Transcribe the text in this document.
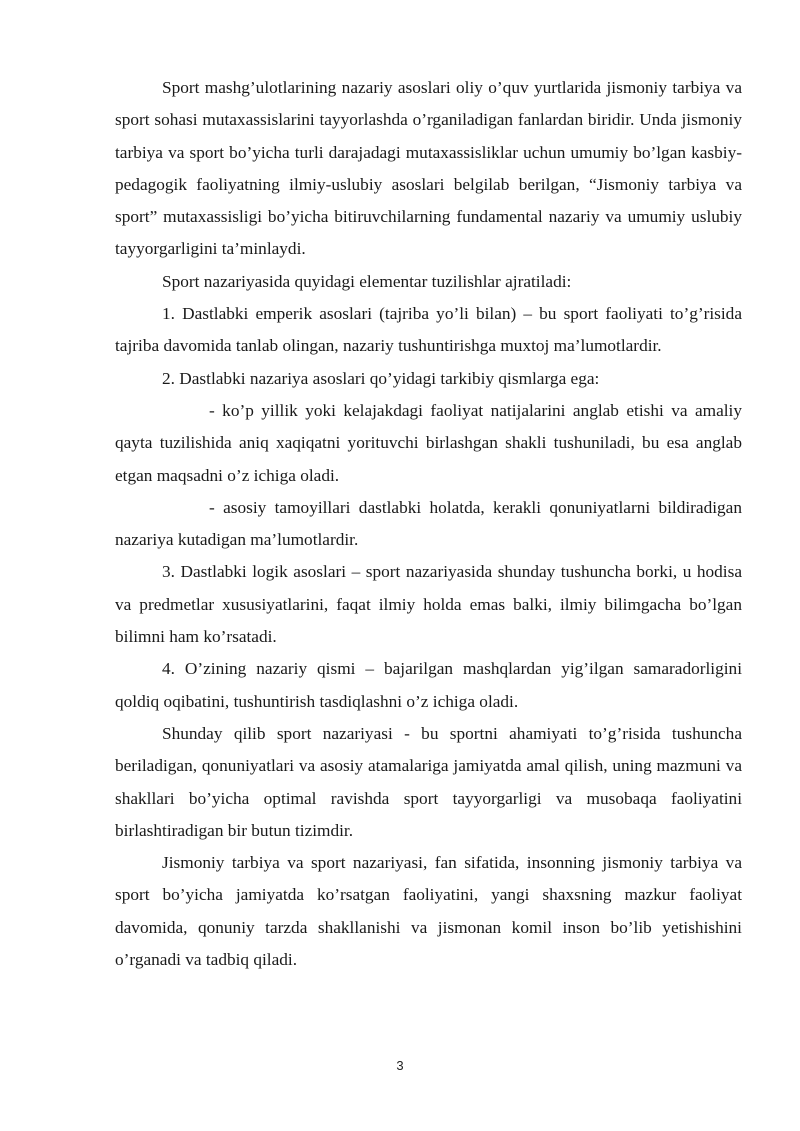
Sport mashg’ulotlarining nazariy asoslari oliy o’quv yurtlarida jismoniy tarbiya va sport sohasi mutaxassislarini tayyorlashda o’rganiladigan fanlardan biridir. Unda jismoniy tarbiya va sport bo’yicha turli darajadagi mutaxassisliklar uchun umumiy bo’lgan kasbiy-pedagogik faoliyatning ilmiy-uslubiy asoslari belgilab berilgan, “Jismoniy tarbiya va sport” mutaxassisligi bo’yicha bitiruvchilarning fundamental nazariy va umumiy uslubiy tayyorgarligini ta’minlaydi.

Sport nazariyasida quyidagi elementar tuzilishlar ajratiladi:

1. Dastlabki emperik asoslari (tajriba yo’li bilan) – bu sport faoliyati to’g’risida tajriba davomida tanlab olingan, nazariy tushuntirishga muxtoj ma’lumotlardir.

2. Dastlabki nazariya asoslari qo’yidagi tarkibiy qismlarga ega:

- ko’p yillik yoki kelajakdagi faoliyat natijalarini anglab etishi va amaliy qayta tuzilishida aniq xaqiqatni yorituvchi birlashgan shakli tushuniladi, bu esa anglab etgan maqsadni o’z ichiga oladi.

- asosiy tamoyillari dastlabki holatda, kerakli qonuniyatlarni bildiradigan nazariya kutadigan ma’lumotlardir.

3. Dastlabki logik asoslari – sport nazariyasida shunday tushuncha borki, u hodisa va predmetlar xususiyatlarini, faqat ilmiy holda emas balki, ilmiy bilimgacha bo’lgan bilimni ham ko’rsatadi.

4. O’zining nazariy qismi – bajarilgan mashqlardan yig’ilgan samaradorligini qoldiq oqibatini, tushuntirish tasdiqlashni o’z ichiga oladi.

Shunday qilib sport nazariyasi - bu sportni ahamiyati to’g’risida tushuncha beriladigan, qonuniyatlari va asosiy atamalariga jamiyatda amal qilish, uning mazmuni va shakllari bo’yicha optimal ravishda sport tayyorgarligi va musobaqa faoliyatini birlashtiradigan bir butun tizimdir.

Jismoniy tarbiya va sport nazariyasi, fan sifatida, insonning jismoniy tarbiya va sport bo’yicha jamiyatda ko’rsatgan faoliyatini, yangi shaxsning mazkur faoliyat davomida, qonuniy tarzda shakllanishi va jismonan komil inson bo’lib yetishishini o’rganadi va tadbiq qiladi.

3
